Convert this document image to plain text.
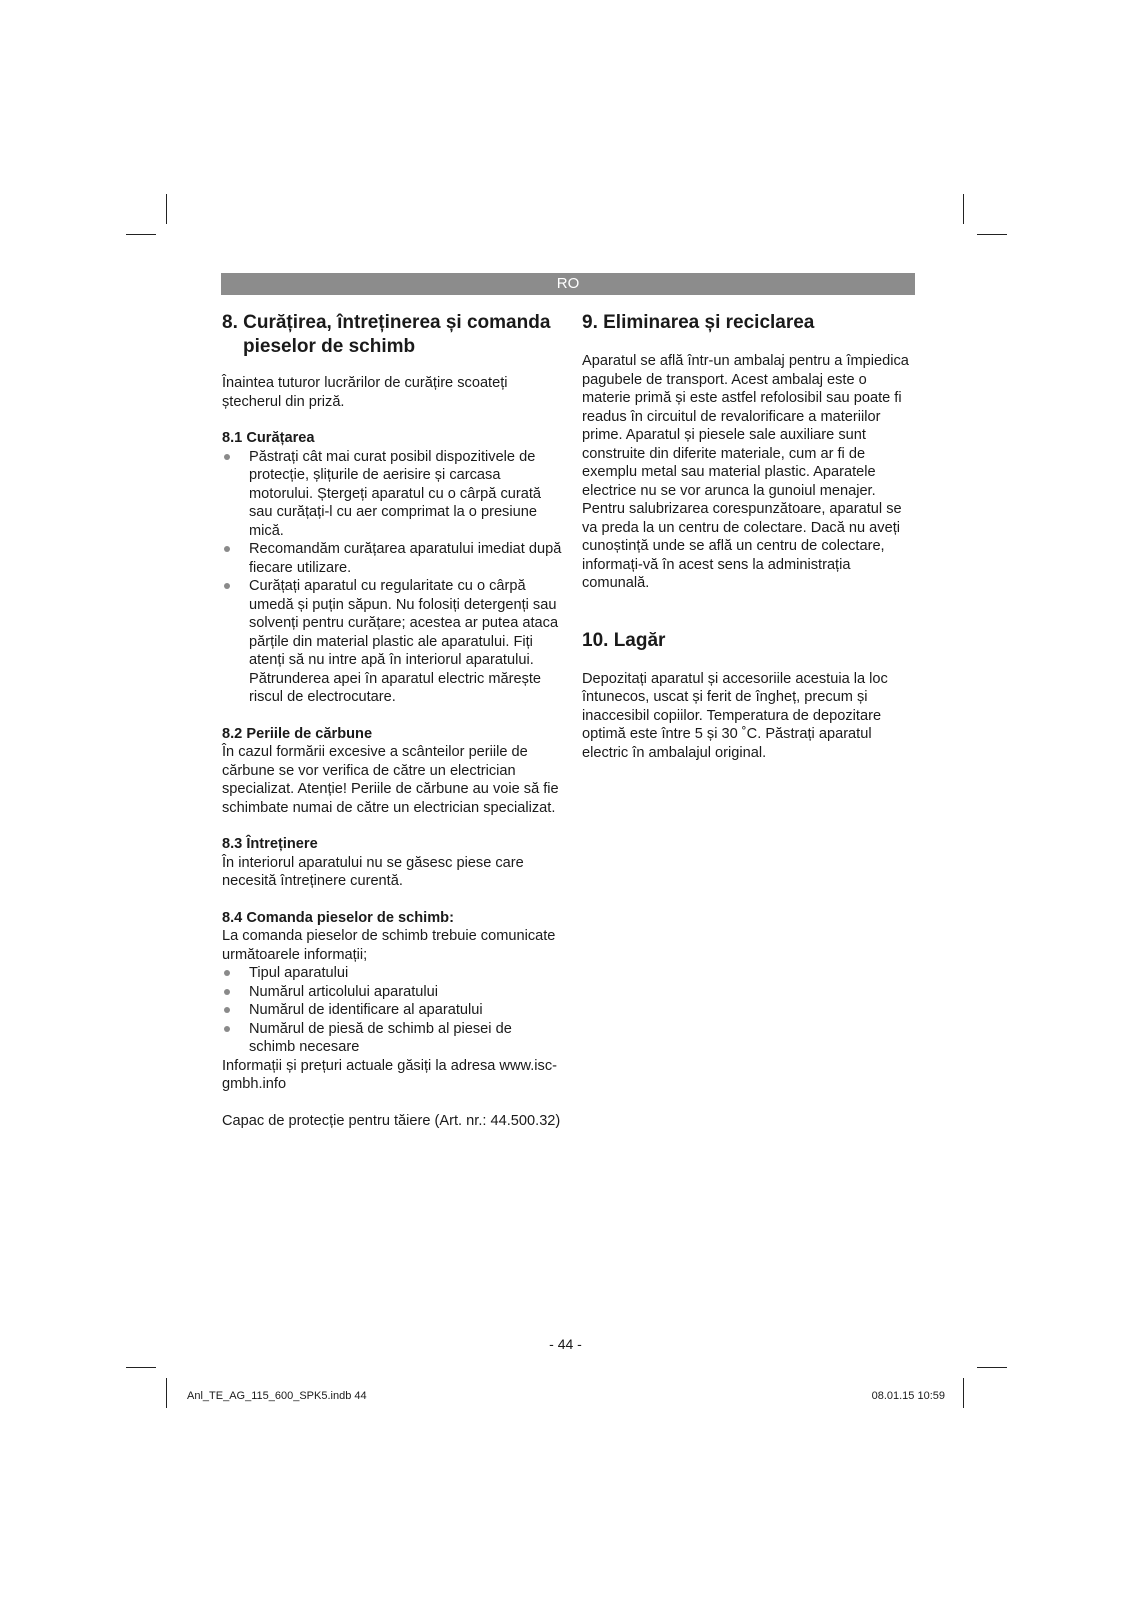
RO
8. Curățirea, întreținerea și comanda
pieselor de schimb

Înaintea tuturor lucrărilor de curățire scoateți ștecherul din priză.

8.1 Curățarea

Păstrați cât mai curat posibil dispozitivele de protecție, șlițurile de aerisire și carcasa motorului. Ștergeți aparatul cu o cârpă curată sau curățați-l cu aer comprimat la o presiune mică.
Recomandăm curățarea aparatului imediat după fiecare utilizare.
Curățați aparatul cu regularitate cu o cârpă umedă și puțin săpun. Nu folosiți detergenți sau solvenți pentru curățare; acestea ar putea ataca părțile din material plastic ale aparatului. Fiți atenți să nu intre apă în interiorul aparatului. Pătrunderea apei în aparatul electric mărește riscul de electrocutare.

8.2 Periile de cărbune

În cazul formării excesive a scânteilor periile de cărbune se vor verifica de către un electrician specializat. Atenție! Periile de cărbune au voie să fie schimbate numai de către un electrician specializat.

8.3 Întreținere

În interiorul aparatului nu se găsesc piese care necesită întreținere curentă.

8.4 Comanda pieselor de schimb:

La comanda pieselor de schimb trebuie comunicate următoarele informații;

Tipul aparatului
Numărul articolului aparatului
Numărul de identificare al aparatului
Numărul de piesă de schimb al piesei de schimb necesare

Informații și prețuri actuale găsiți la adresa www.isc-gmbh.info

Capac de protecție pentru tăiere (Art. nr.: 44.500.32)

9. Eliminarea și reciclarea

Aparatul se află într-un ambalaj pentru a împiedica pagubele de transport. Acest ambalaj este o materie primă și este astfel refolosibil sau poate fi readus în circuitul de revalorificare a materiilor prime. Aparatul și piesele sale auxiliare sunt construite din diferite materiale, cum ar fi de exemplu metal sau material plastic. Aparatele electrice nu se vor arunca la gunoiul menajer. Pentru salubrizarea corespunzătoare, aparatul se va preda la un centru de colectare. Dacă nu aveți cunoștință unde se află un centru de colectare, informați-vă în acest sens la administrația comunală.

10. Lagăr

Depozitați aparatul și accesoriile acestuia la loc întunecos, uscat și ferit de îngheț, precum și inaccesibil copiilor. Temperatura de depozitare optimă este între 5 și 30 ˚C. Păstrați aparatul electric în ambalajul original.

- 44 -
Anl_TE_AG_115_600_SPK5.indb 44	08.01.15 10:59
